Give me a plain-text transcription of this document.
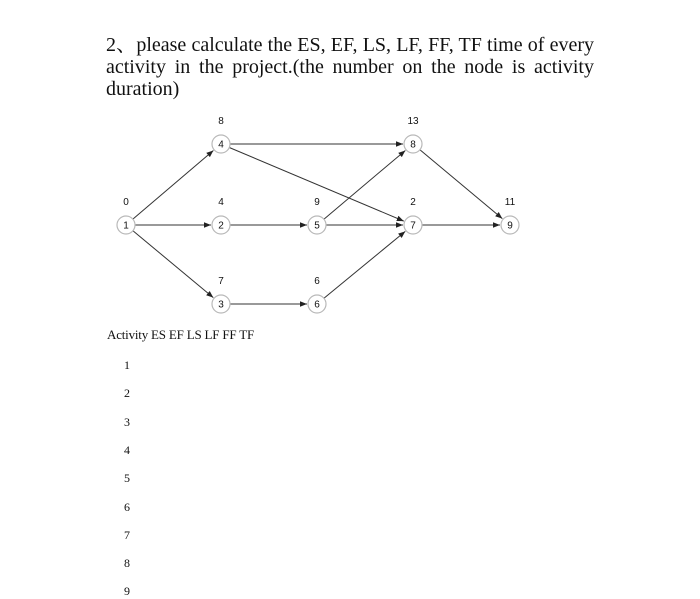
2、please calculate the ES, EF, LS, LF, FF, TF time of every activity in the project.(the number on the node is activity duration)
1
0
4
8
2
4
3
7
5
9
6
6
8
13
7
2
9
11
Activity ES EF LS LF FF TF
1
2
3
4
5
6
7
8
9
